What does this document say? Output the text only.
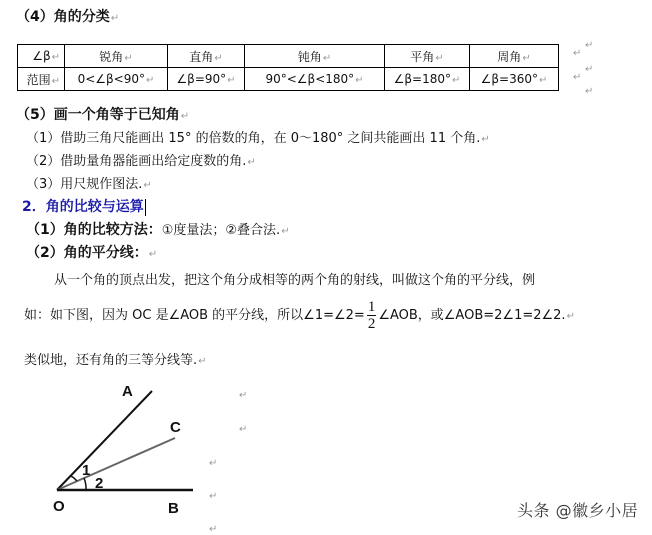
（4）角的分类↵
∠β↵	锐角↵	直角↵	钝角↵	平角↵	周角↵
范围↵	0<∠β<90°↵	∠β=90°↵	90°<∠β<180°↵	∠β=180°↵	∠β=360°↵
↵
↵
↵
↵
↵
（5）画一个角等于已知角↵
（1）借助三角尺能画出 15° 的倍数的角，在 0～180° 之间共能画出 11 个角.↵
（2）借助量角器能画出给定度数的角.↵
（3）用尺规作图法.↵
2．角的比较与运算
（1）角的比较方法：①度量法；②叠合法.↵
（2）角的平分线：↵
从一个角的顶点出发，把这个角分成相等的两个角的射线，叫做这个角的平分线，例
如：如下图，因为 OC 是∠AOB 的平分线，所以∠1=∠2= $\frac{1}{2}$ ∠AOB，或∠AOB=2∠1=2∠2.↵
类似地，还有角的三等分线等.↵
A
C
1
2
O	B
↵
↵
↵
↵
↵
头条 @徽乡小居
